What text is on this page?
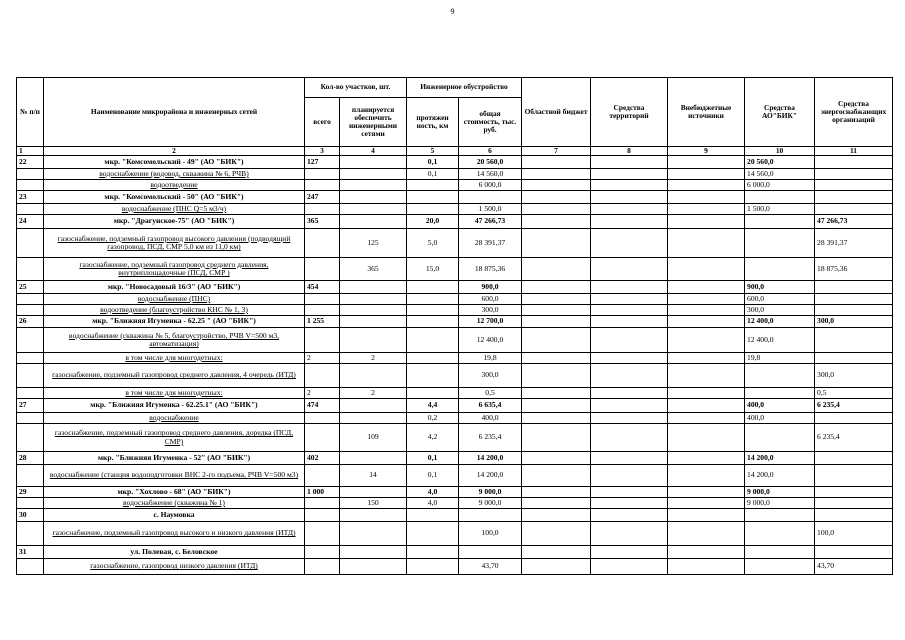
9
№ п/п	Наименование микрорайона и инженерных сетей	Кол-во участков, шт.		Инженерное обустройство		Областной бюджет	Средства территорий	Внебюджетные источники	Средства АО"БИК"	Средства энергоснабжающих организаций
		всего	планируется обеспечить инженерными сетями	протяжен ность, км	общая стоимость, тыс. руб.					
1	2	3	4	5	6	7	8	9	10	11
22	мкр. "Комсомольский - 49" (АО "БИК")	127		0,1	20 560,0				20 560,0	
	водоснабжение (водовод, скважина № 6, РЧВ)			0,1	14 560,0				14 560,0	
	водоотведение				6 000,0				6 000,0	
23	мкр. "Комсомольский - 50" (АО "БИК")	247								
	водоснабжение (ПНС Q=5 м3/ч)				1 500,0				1 500,0	
24	мкр. "Драгунское-75" (АО "БИК")	365		20,0	47 266,73					47 266,73
	газоснабжение, подземный газопровод высокого давления (подводящий газопровод, ПСД, СМР 5,0 км из 11,0 км)		125	5,0	28 391,37					28 391,37
	газоснабжение, подземный газопровод среднего давления, внутриплощадочные (ПСД, СМР )		365	15,0	18 875,36					18 875,36
25	мкр. "Новосадовый 16/3" (АО "БИК")	454			900,0				900,0	
	водоснабжение (ПНС)				600,0				600,0	
	водоотведение (благоустройство КНС № 1, 3)				300,0				300,0	
26	мкр. "Ближняя Игуменка - 62.25 " (АО "БИК")	1 255			12 700,0				12 400,0	300,0
	водоснабжение (скважина № 5, благоустройство, РЧВ V=500 м3, автоматизация)				12 400,0				12 400,0	
	в том числе для многодетных:	2	2		19,8				19,8	
	газоснабжение, подземный газопровод среднего давления, 4 очередь (ИТД)				300,0					300,0
	в том числе для многодетных:	2	2		0,5					0,5
27	мкр. "Ближняя Игуменка - 62.25.1" (АО "БИК")	474		4,4	6 635,4				400,0	6 235,4
	водоснабжение			0,2	400,0				400,0	
	газоснабжение, подземный газопровод среднего давления, доредка (ПСД, СМР)		109	4,2	6 235,4					6 235,4
28	мкр. "Ближняя Игуменка - 52" (АО "БИК")	402		0,1	14 200,0				14 200,0	
	водоснабжение (станция водоподготовки ВНС 2-го подъема, РЧВ V=500 м3)		14	0,1	14 200,0				14 200,0	
29	мкр. "Хохлово - 68" (АО "БИК")	1 000		4,0	9 000,0				9 000,0	
	водоснабжение (скважина № 1)		150	4,0	9 000,0				9 000,0	
30	с. Наумовка									
	газоснабжение, подземный газопровод высокого и низкого давления (ИТД)				100,0					100,0
31	ул. Полевая, с. Беловское									
	газоснабжение, газопровод низкого давления (ИТД)				43,70					43,70
